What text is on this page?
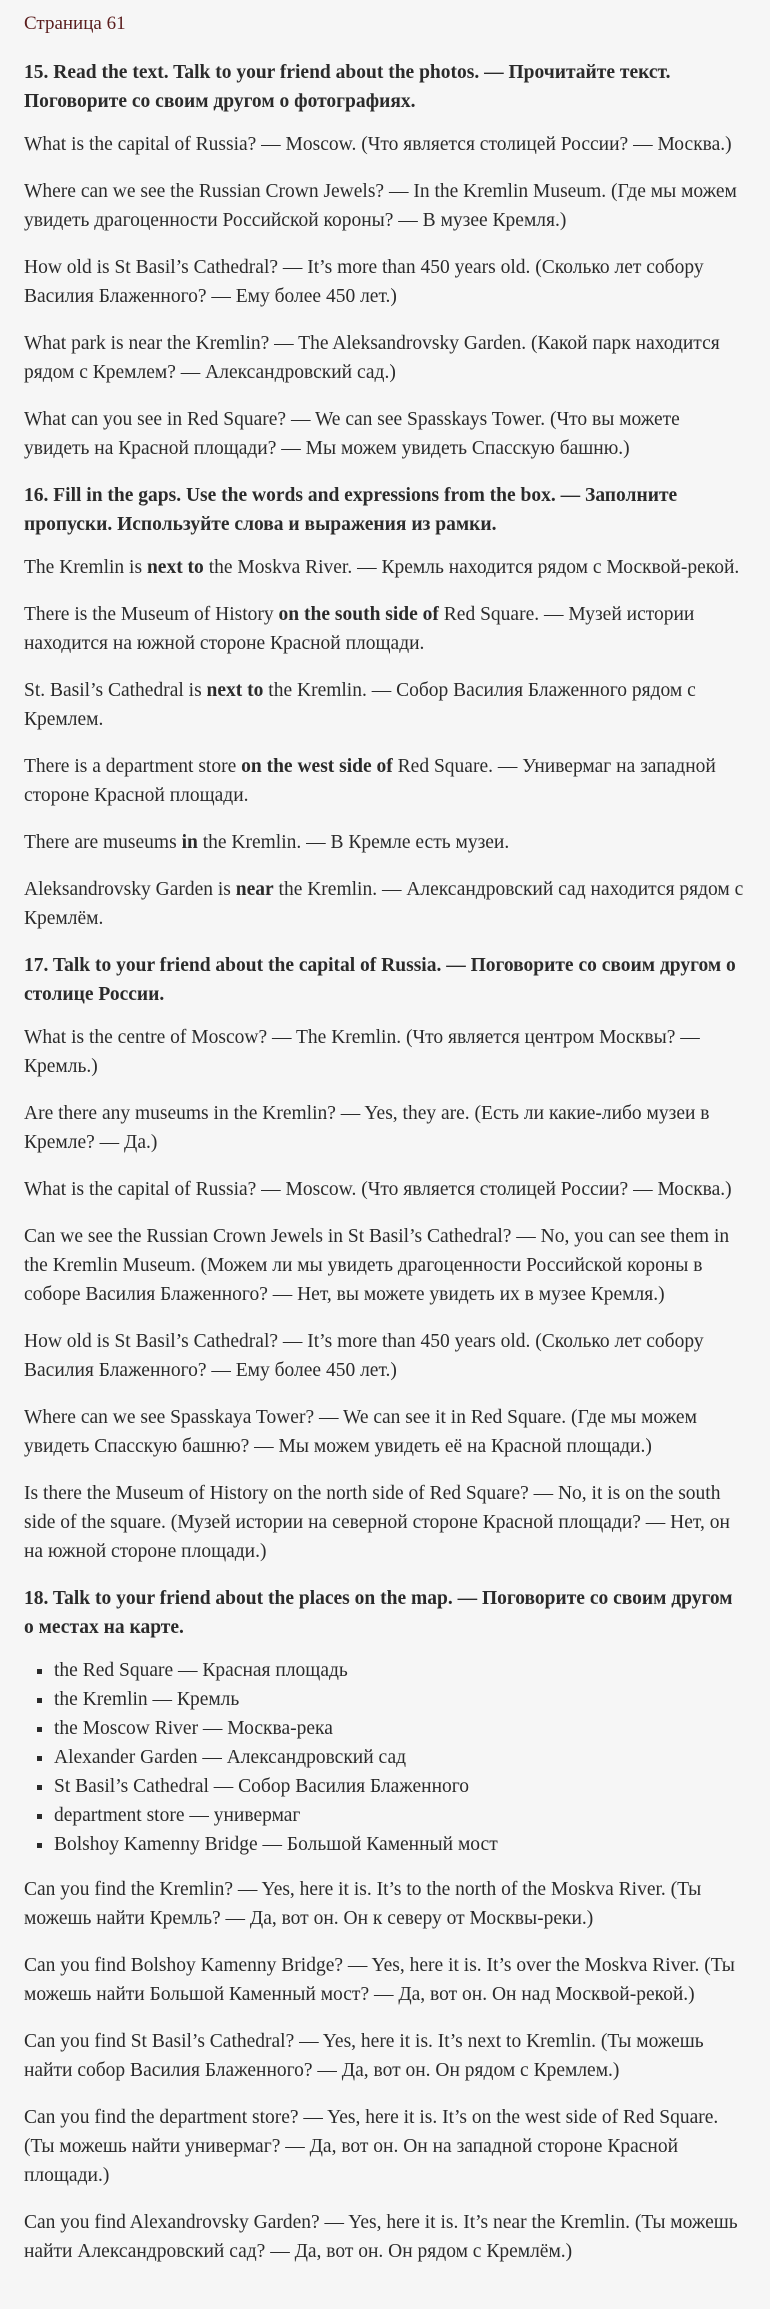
Страница 61
15. Read the text. Talk to your friend about the photos. — Прочитайте текст. Поговорите со своим другом о фотографиях.

What is the capital of Russia? — Moscow. (Что является столицей России? — Москва.)

Where can we see the Russian Crown Jewels? — In the Kremlin Museum. (Где мы можем увидеть драгоценности Российской короны? — В музее Кремля.)

How old is St Basil’s Cathedral? — It’s more than 450 years old. (Сколько лет собору Василия Блаженного? — Ему более 450 лет.)

What park is near the Kremlin? — The Aleksandrovsky Garden. (Какой парк находится рядом с Кремлем? — Александровский сад.)

What can you see in Red Square? — We can see Spasskays Tower. (Что вы можете увидеть на Красной площади? — Мы можем увидеть Спасскую башню.)

16. Fill in the gaps. Use the words and expressions from the box. — Заполните пропуски. Используйте слова и выражения из рамки.

The Kremlin is next to the Moskva River. — Кремль находится рядом с Москвой-рекой.

There is the Museum of History on the south side of Red Square. — Музей истории находится на южной стороне Красной площади.

St. Basil’s Cathedral is next to the Kremlin. — Собор Василия Блаженного рядом с Кремлем.

There is a department store on the west side of Red Square. — Универмаг на западной стороне Красной площади.

There are museums in the Kremlin. — В Кремле есть музеи.

Aleksandrovsky Garden is near the Kremlin. — Александровский сад находится рядом с Кремлём.

17. Talk to your friend about the capital of Russia. — Поговорите со своим другом о столице России.

What is the centre of Moscow? — The Kremlin. (Что является центром Москвы? — Кремль.)

Are there any museums in the Kremlin? — Yes, they are. (Есть ли какие-либо музеи в Кремле? — Да.)

What is the capital of Russia? — Moscow. (Что является столицей России? — Москва.)

Can we see the Russian Crown Jewels in St Basil’s Cathedral? — No, you can see them in the Kremlin Museum. (Можем ли мы увидеть драгоценности Российской короны в соборе Василия Блаженного? — Нет, вы можете увидеть их в музее Кремля.)

How old is St Basil’s Cathedral? — It’s more than 450 years old. (Сколько лет собору Василия Блаженного? — Ему более 450 лет.)

Where can we see Spasskaya Tower? — We can see it in Red Square. (Где мы можем увидеть Спасскую башню? — Мы можем увидеть её на Красной площади.)

Is there the Museum of History on the north side of Red Square? — No, it is on the south side of the square. (Музей истории на северной стороне Красной площади? — Нет, он на южной стороне площади.)

18. Talk to your friend about the places on the map. — Поговорите со своим другом о местах на карте.
▪ the Red Square — Красная площадь
▪ the Kremlin — Кремль
▪ the Moscow River — Москва-река
▪ Alexander Garden — Александровский сад
▪ St Basil’s Cathedral — Собор Василия Блаженного
▪ department store — универмаг
▪ Bolshoy Kamenny Bridge — Большой Каменный мост

Can you find the Kremlin? — Yes, here it is. It’s to the north of the Moskva River. (Ты можешь найти Кремль? — Да, вот он. Он к северу от Москвы-реки.)

Can you find Bolshoy Kamenny Bridge? — Yes, here it is. It’s over the Moskva River. (Ты можешь найти Большой Каменный мост? — Да, вот он. Он над Москвой-рекой.)

Can you find St Basil’s Cathedral? — Yes, here it is. It’s next to Kremlin. (Ты можешь найти собор Василия Блаженного? — Да, вот он. Он рядом с Кремлем.)

Can you find the department store? — Yes, here it is. It’s on the west side of Red Square. (Ты можешь найти универмаг? — Да, вот он. Он на западной стороне Красной площади.)

Can you find Alexandrovsky Garden? — Yes, here it is. It’s near the Kremlin. (Ты можешь найти Александровский сад? — Да, вот он. Он рядом с Кремлём.)
